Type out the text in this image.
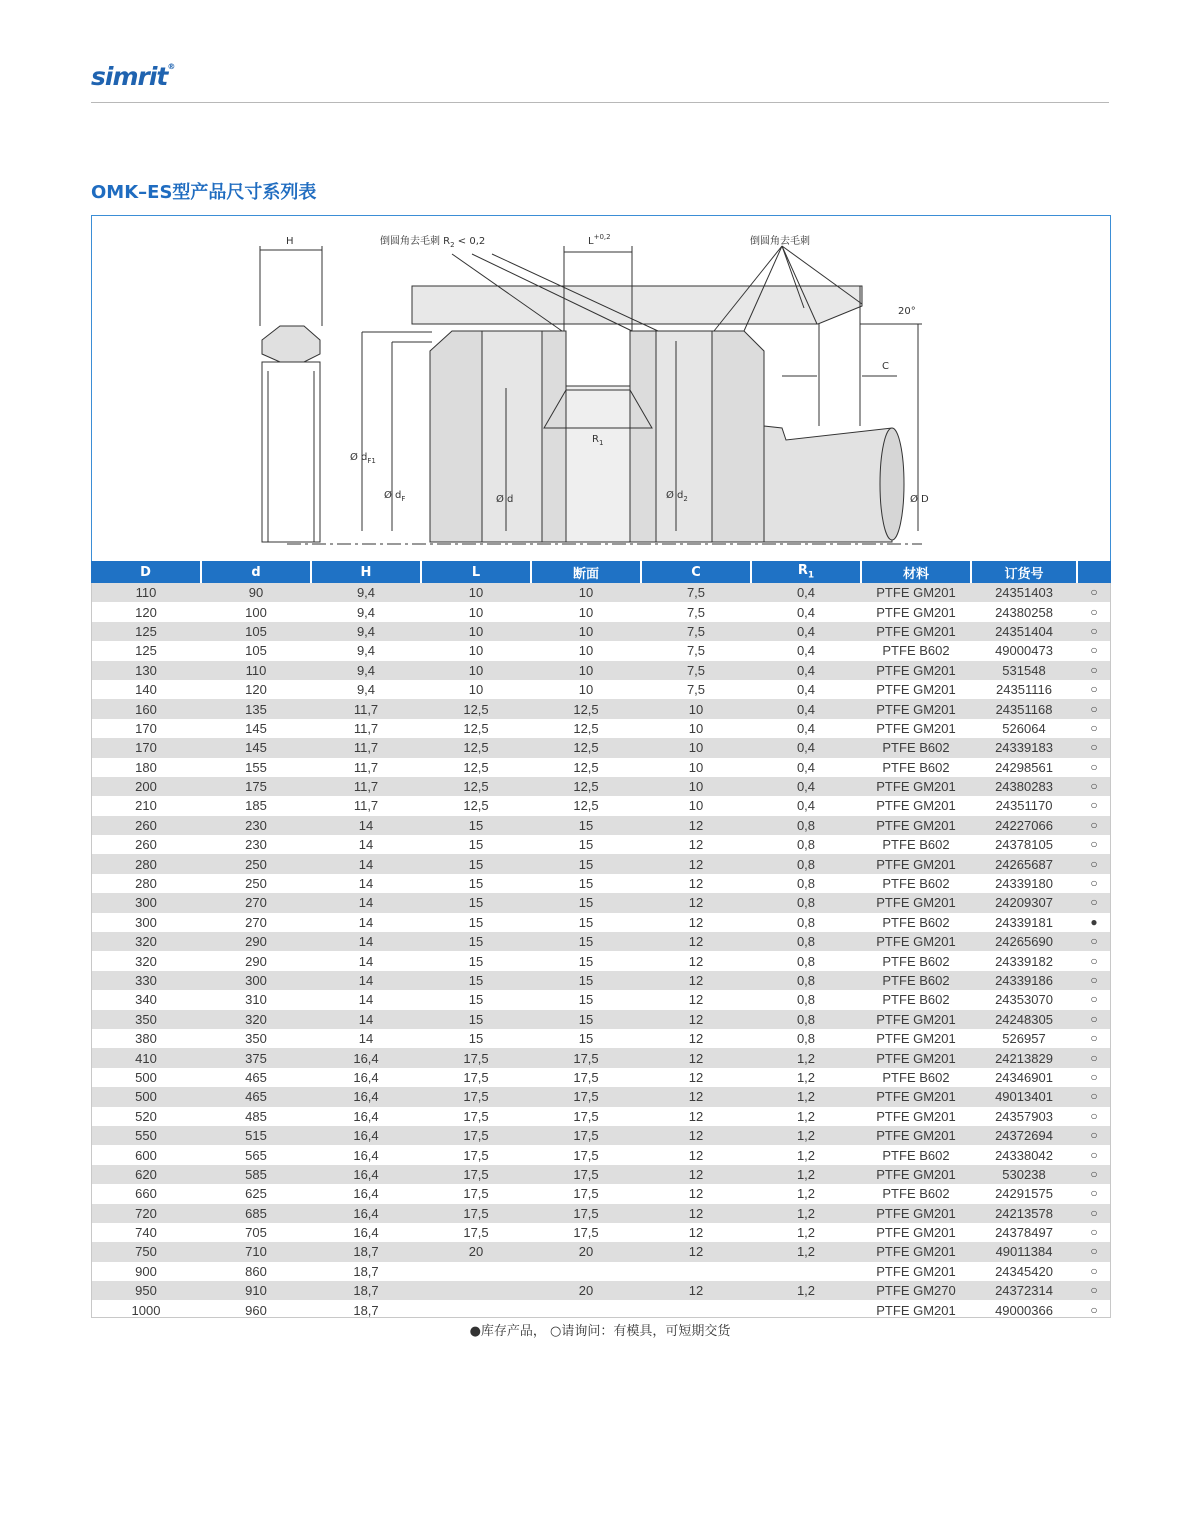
simrit®
OMK–ES型产品尺寸系列表
H	倒圆角去毛刺 $R_2 < 0,2$	$L^{+0,2}$	倒圆角去毛刺
20°
C
$R_1$
Ø $d_{F1}$
Ø $d_F$	Ø d	Ø $d_2$	Ø D
D	d	H	L	断面	C	$R_1$	材料	订货号	
110	90	9,4	10	10	7,5	0,4	PTFE GM201	24351403	○
120	100	9,4	10	10	7,5	0,4	PTFE GM201	24380258	○
125	105	9,4	10	10	7,5	0,4	PTFE GM201	24351404	○
125	105	9,4	10	10	7,5	0,4	PTFE B602	49000473	○
130	110	9,4	10	10	7,5	0,4	PTFE GM201	531548	○
140	120	9,4	10	10	7,5	0,4	PTFE GM201	24351116	○
160	135	11,7	12,5	12,5	10	0,4	PTFE GM201	24351168	○
170	145	11,7	12,5	12,5	10	0,4	PTFE GM201	526064	○
170	145	11,7	12,5	12,5	10	0,4	PTFE B602	24339183	○
180	155	11,7	12,5	12,5	10	0,4	PTFE B602	24298561	○
200	175	11,7	12,5	12,5	10	0,4	PTFE GM201	24380283	○
210	185	11,7	12,5	12,5	10	0,4	PTFE GM201	24351170	○
260	230	14	15	15	12	0,8	PTFE GM201	24227066	○
260	230	14	15	15	12	0,8	PTFE B602	24378105	○
280	250	14	15	15	12	0,8	PTFE GM201	24265687	○
280	250	14	15	15	12	0,8	PTFE B602	24339180	○
300	270	14	15	15	12	0,8	PTFE GM201	24209307	○
300	270	14	15	15	12	0,8	PTFE B602	24339181	●
320	290	14	15	15	12	0,8	PTFE GM201	24265690	○
320	290	14	15	15	12	0,8	PTFE B602	24339182	○
330	300	14	15	15	12	0,8	PTFE B602	24339186	○
340	310	14	15	15	12	0,8	PTFE B602	24353070	○
350	320	14	15	15	12	0,8	PTFE GM201	24248305	○
380	350	14	15	15	12	0,8	PTFE GM201	526957	○
410	375	16,4	17,5	17,5	12	1,2	PTFE GM201	24213829	○
500	465	16,4	17,5	17,5	12	1,2	PTFE B602	24346901	○
500	465	16,4	17,5	17,5	12	1,2	PTFE GM201	49013401	○
520	485	16,4	17,5	17,5	12	1,2	PTFE GM201	24357903	○
550	515	16,4	17,5	17,5	12	1,2	PTFE GM201	24372694	○
600	565	16,4	17,5	17,5	12	1,2	PTFE B602	24338042	○
620	585	16,4	17,5	17,5	12	1,2	PTFE GM201	530238	○
660	625	16,4	17,5	17,5	12	1,2	PTFE B602	24291575	○
720	685	16,4	17,5	17,5	12	1,2	PTFE GM201	24213578	○
740	705	16,4	17,5	17,5	12	1,2	PTFE GM201	24378497	○
750	710	18,7	20	20	12	1,2	PTFE GM201	49011384	○
900	860	18,7					PTFE GM201	24345420	○
950	910	18,7		20	12	1,2	PTFE GM270	24372314	○
1000	960	18,7					PTFE GM201	49000366	○
●库存产品， ○请询问：有模具，可短期交货
